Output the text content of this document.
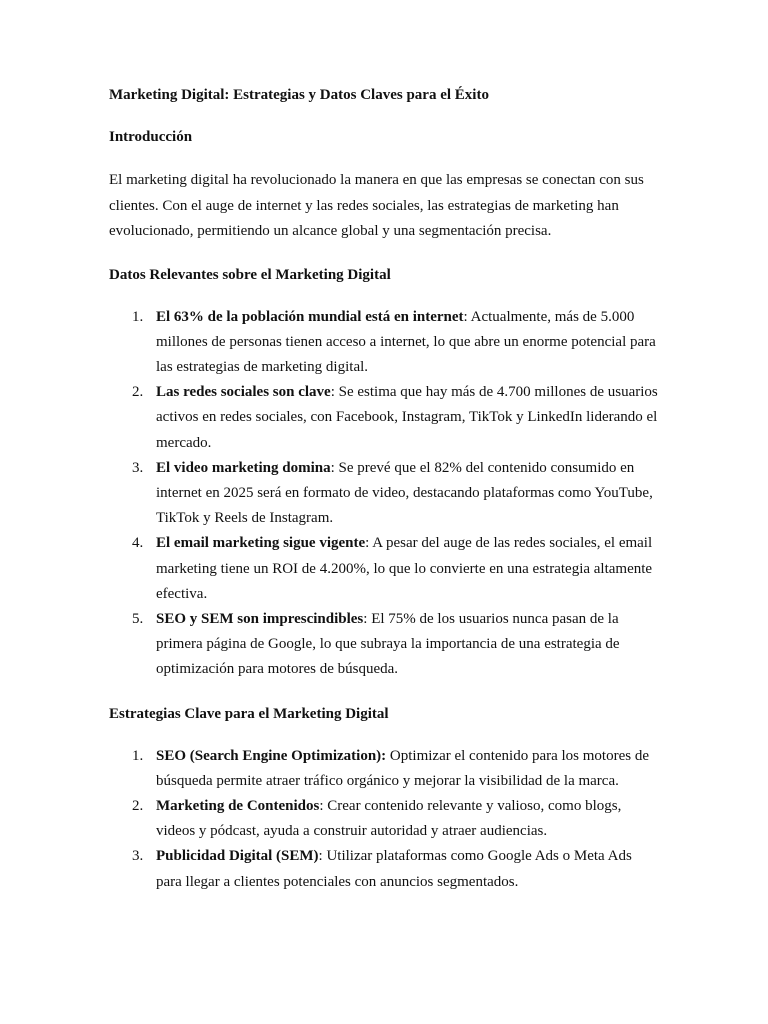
Marketing Digital: Estrategias y Datos Claves para el Éxito

Introducción

El marketing digital ha revolucionado la manera en que las empresas se conectan con sus clientes. Con el auge de internet y las redes sociales, las estrategias de marketing han evolucionado, permitiendo un alcance global y una segmentación precisa.

Datos Relevantes sobre el Marketing Digital

1. El 63% de la población mundial está en internet: Actualmente, más de 5.000 millones de personas tienen acceso a internet, lo que abre un enorme potencial para las estrategias de marketing digital.
2. Las redes sociales son clave: Se estima que hay más de 4.700 millones de usuarios activos en redes sociales, con Facebook, Instagram, TikTok y LinkedIn liderando el mercado.
3. El video marketing domina: Se prevé que el 82% del contenido consumido en internet en 2025 será en formato de video, destacando plataformas como YouTube, TikTok y Reels de Instagram.
4. El email marketing sigue vigente: A pesar del auge de las redes sociales, el email marketing tiene un ROI de 4.200%, lo que lo convierte en una estrategia altamente efectiva.
5. SEO y SEM son imprescindibles: El 75% de los usuarios nunca pasan de la primera página de Google, lo que subraya la importancia de una estrategia de optimización para motores de búsqueda.

Estrategias Clave para el Marketing Digital

1. SEO (Search Engine Optimization): Optimizar el contenido para los motores de búsqueda permite atraer tráfico orgánico y mejorar la visibilidad de la marca.
2. Marketing de Contenidos: Crear contenido relevante y valioso, como blogs, videos y pódcast, ayuda a construir autoridad y atraer audiencias.
3. Publicidad Digital (SEM): Utilizar plataformas como Google Ads o Meta Ads para llegar a clientes potenciales con anuncios segmentados.
